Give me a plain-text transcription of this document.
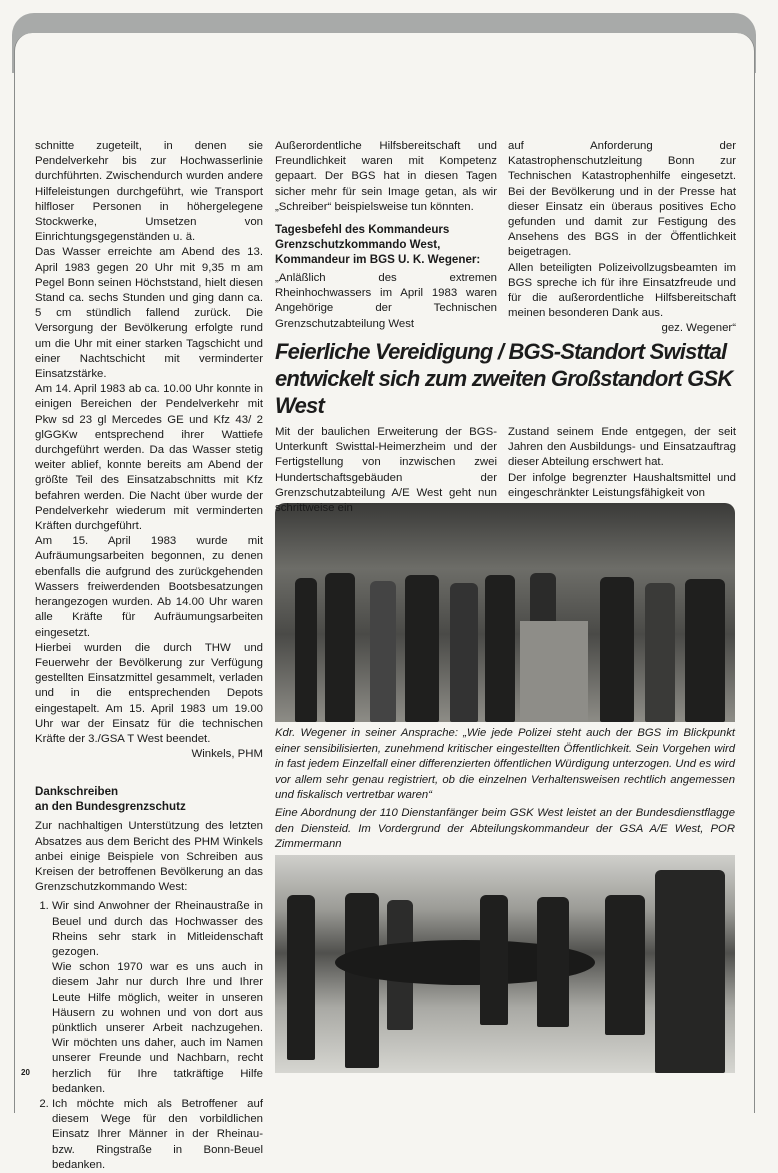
schnitte zugeteilt, in denen sie Pendelverkehr bis zur Hochwasserlinie durchführten. Zwischendurch wurden andere Hilfeleistungen durchgeführt, wie Transport hilfloser Personen in höhergelegene Stockwerke, Umsetzen von Einrichtungsgegenständen u. ä.

Das Wasser erreichte am Abend des 13. April 1983 gegen 20 Uhr mit 9,35 m am Pegel Bonn seinen Höchststand, hielt diesen Stand ca. sechs Stunden und ging dann ca. 5 cm stündlich fallend zurück. Die Versorgung der Bevölkerung erfolgte rund um die Uhr mit einer starken Tagschicht und einer Nachtschicht mit verminderter Einsatzstärke.

Am 14. April 1983 ab ca. 10.00 Uhr konnte in einigen Bereichen der Pendelverkehr mit Pkw sd 23 gl Mercedes GE und Kfz 43/ 2 glGGKw entsprechend ihrer Wattiefe durchgeführt werden. Da das Wasser stetig weiter ablief, konnte bereits am Abend der größte Teil des Einsatzabschnitts mit Kfz befahren werden. Die Nacht über wurde der Pendelverkehr wiederum mit verminderten Kräften durchgeführt.

Am 15. April 1983 wurde mit Aufräumungsarbeiten begonnen, zu denen ebenfalls die aufgrund des zurückgehenden Wassers freiwerdenden Bootsbesatzungen herangezogen wurden. Ab 14.00 Uhr waren alle Kräfte für Aufräumungsarbeiten eingesetzt.

Hierbei wurden die durch THW und Feuerwehr der Bevölkerung zur Verfügung gestellten Einsatzmittel gesammelt, verladen und in die entsprechenden Depots eingestapelt. Am 15. April 1983 um 19.00 Uhr war der Einsatz für die technischen Kräfte der 3./GSA T West beendet.

Winkels, PHM

Dankschreiben
an den Bundesgrenzschutz

Zur nachhaltigen Unterstützung des letzten Absatzes aus dem Bericht des PHM Winkels anbei einige Beispiele von Schreiben aus Kreisen der betroffenen Bevölkerung an das Grenzschutzkommando West:

1. Wir sind Anwohner der Rheinaustraße in Beuel und durch das Hochwasser des Rheins sehr stark in Mitleidenschaft gezogen.

Wie schon 1970 war es uns auch in diesem Jahr nur durch Ihre und Ihrer Leute Hilfe möglich, weiter in unseren Häusern zu wohnen und von dort aus pünktlich unserer Arbeit nachzugehen. Wir möchten uns daher, auch im Namen unserer Freunde und Nachbarn, recht herzlich für Ihre tatkräftige Hilfe bedanken.

2. Ich möchte mich als Betroffener auf diesem Wege für den vorbildlichen Einsatz Ihrer Männer in der Rheinau- bzw. Ringstraße in Bonn-Beuel bedanken.

Außerordentliche Hilfsbereitschaft und Freundlichkeit waren mit Kompetenz gepaart. Der BGS hat in diesen Tagen sicher mehr für sein Image getan, als wir „Schreiber“ beispielsweise tun könnten.

Tagesbefehl des Kommandeurs Grenzschutzkommando West, Kommandeur im BGS U. K. Wegener:

„Anläßlich des extremen Rheinhochwassers im April 1983 waren Angehörige der Technischen Grenzschutzabteilung West

auf Anforderung der Katastrophenschutzleitung Bonn zur Technischen Katastrophenhilfe eingesetzt. Bei der Bevölkerung und in der Presse hat dieser Einsatz ein überaus positives Echo gefunden und damit zur Festigung des Ansehens des BGS in der Öffentlichkeit beigetragen.

Allen beteiligten Polizeivollzugsbeamten im BGS spreche ich für ihre Einsatzfreude und für die außerordentliche Hilfsbereitschaft meinen besonderen Dank aus.

gez. Wegener“

Feierliche Vereidigung / BGS-Standort Swisttal entwickelt sich zum zweiten Großstandort GSK West

Mit der baulichen Erweiterung der BGS-Unterkunft Swisttal-Heimerzheim und der Fertigstellung von inzwischen zwei Hundertschaftsgebäuden der Grenzschutzabteilung A/E West geht nun schrittweise ein

Zustand seinem Ende entgegen, der seit Jahren den Ausbildungs- und Einsatzauftrag dieser Abteilung erschwert hat.

Der infolge begrenzter Haushaltsmittel und eingeschränkter Leistungsfähigkeit von

Kdr. Wegener in seiner Ansprache: „Wie jede Polizei steht auch der BGS im Blickpunkt einer sensibilisierten, zunehmend kritischer eingestellten Öffentlichkeit. Sein Vorgehen wird in fast jedem Einzelfall einer differenzierten öffentlichen Würdigung unterzogen. Und es wird vor allem sehr genau registriert, ob die einzelnen Verhaltensweisen rechtlich angemessen und fiskalisch vertretbar waren“
Eine Abordnung der 110 Dienstanfänger beim GSK West leistet an der Bundesdienstflagge den Diensteid. Im Vordergrund der Abteilungskommandeur der GSA A/E West, POR Zimmermann
20
